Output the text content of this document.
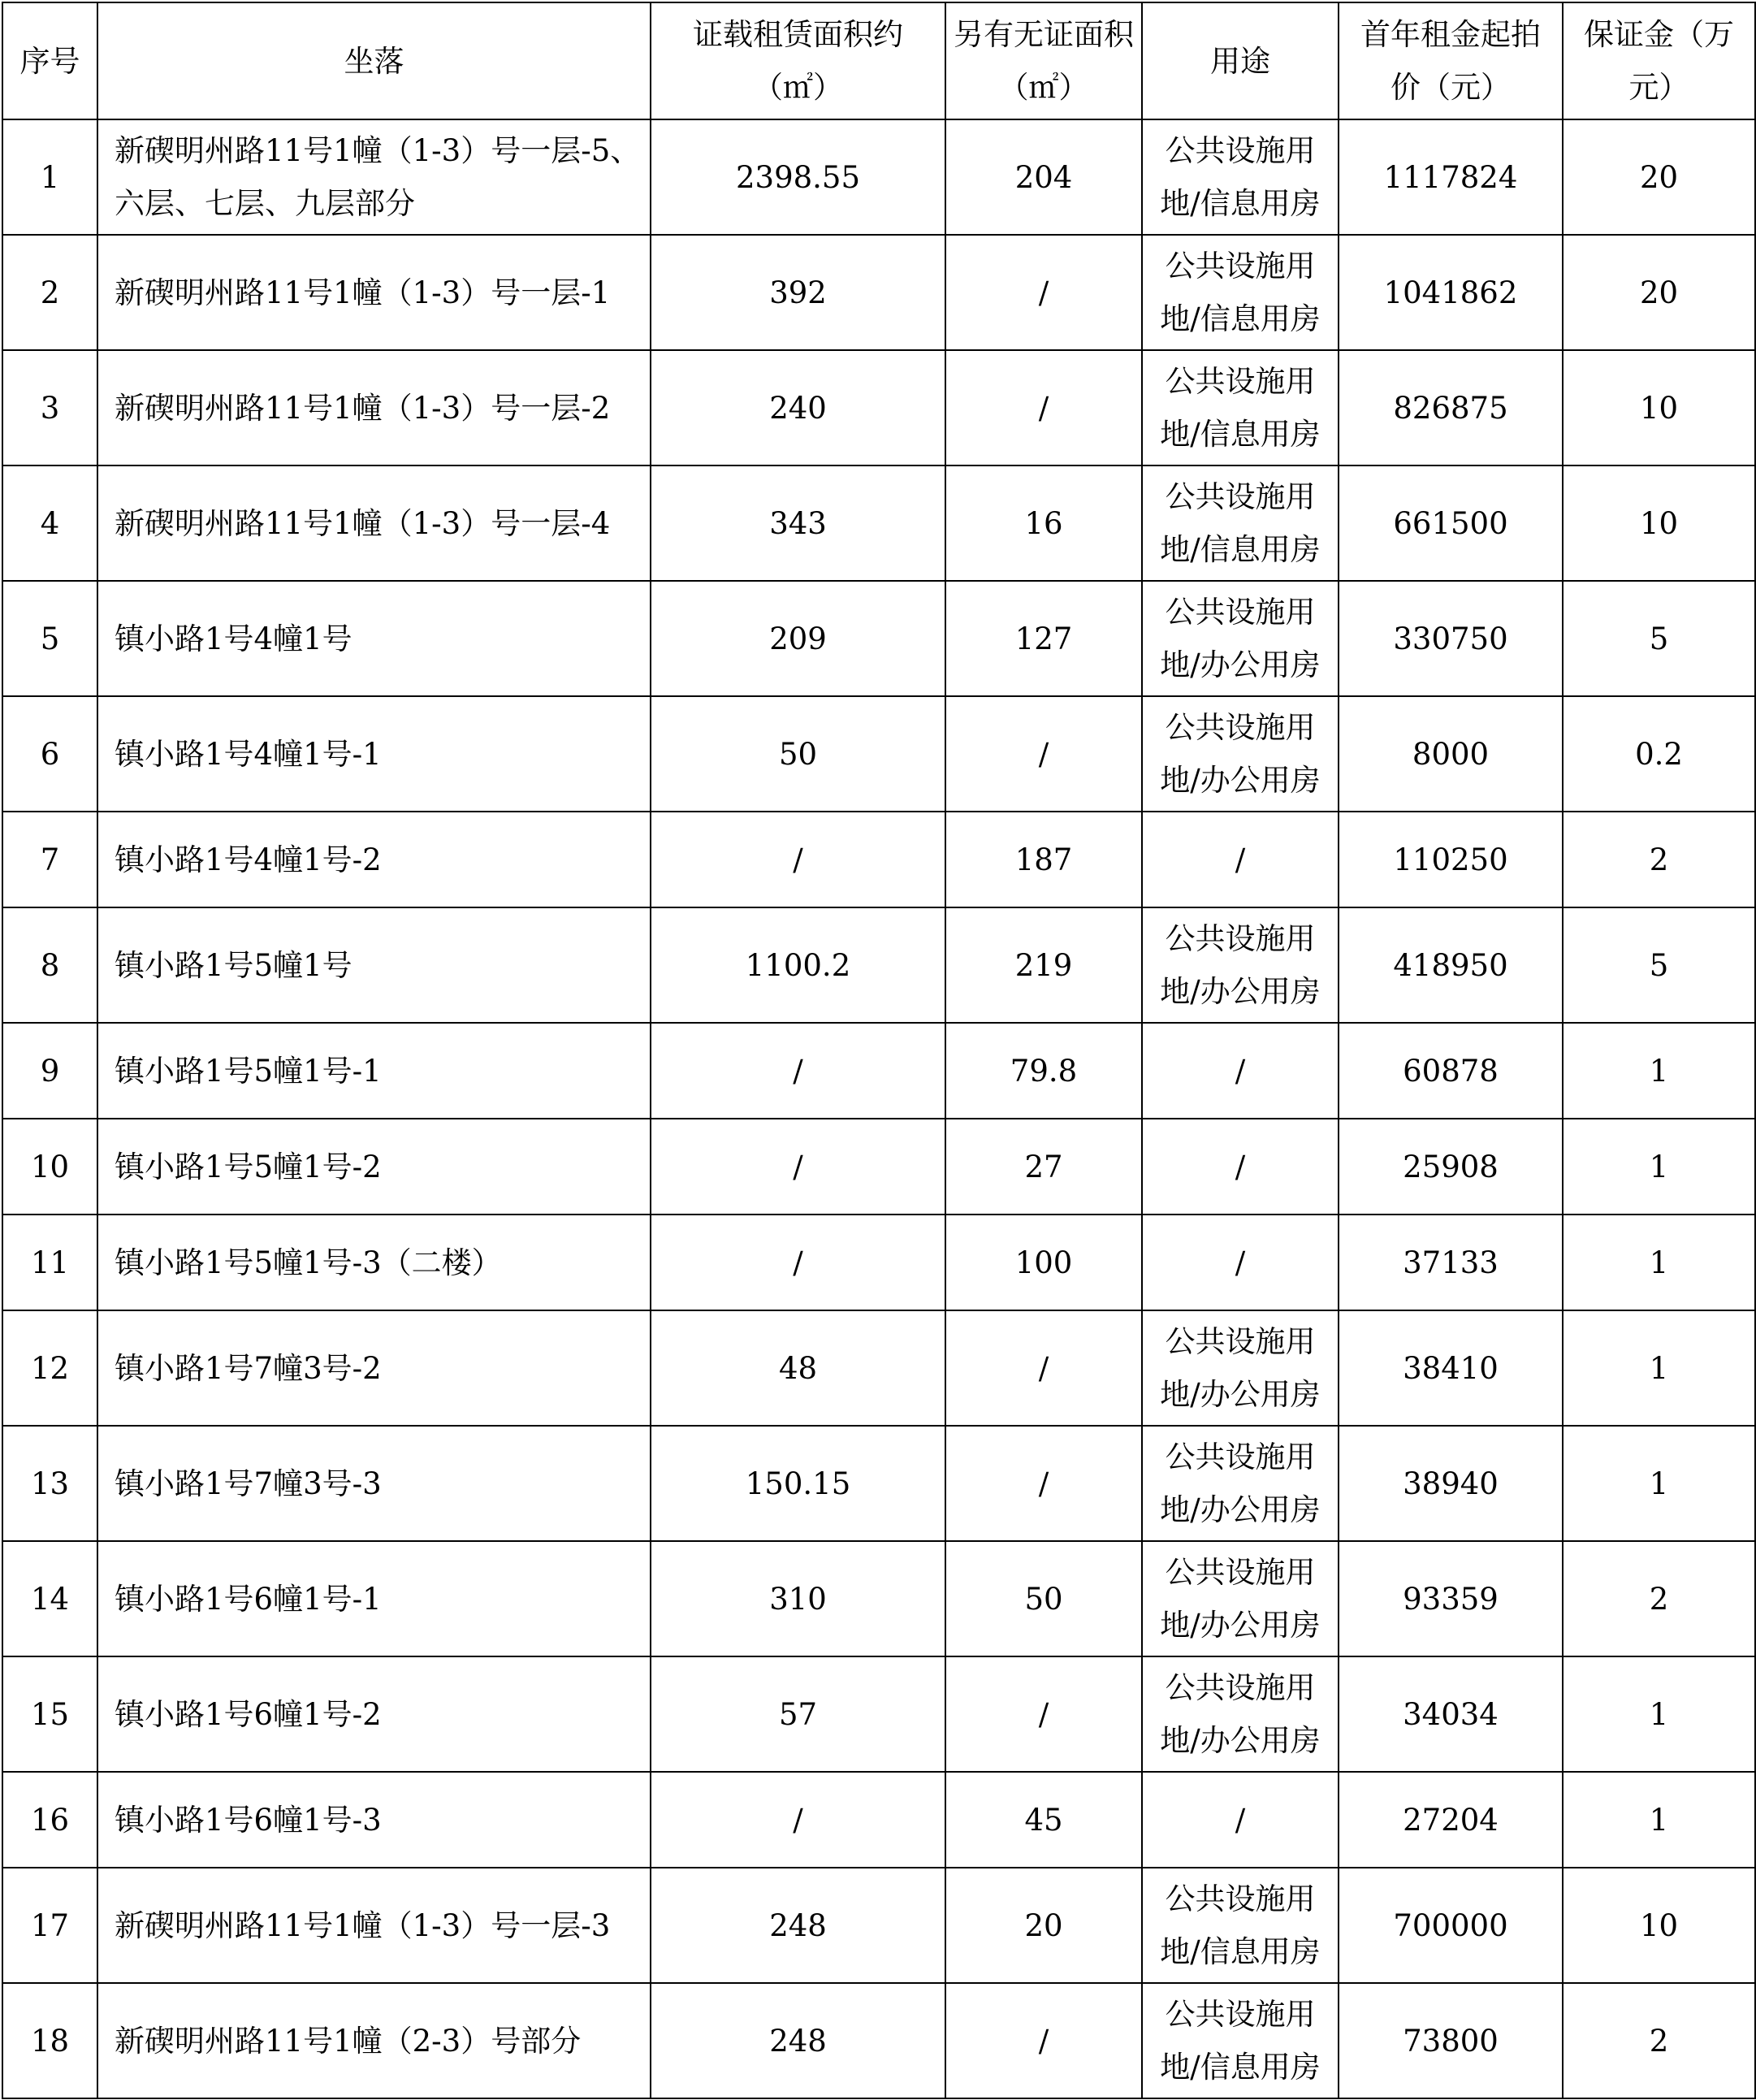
序号	坐落	证载租赁面积约（㎡）	另有无证面积（㎡）	用途	首年租金起拍价（元）	保证金（万元）
1	新碶明州路11号1幢（1-3）号一层-5、六层、七层、九层部分	2398.55	204	公共设施用地/信息用房	1117824	20
2	新碶明州路11号1幢（1-3）号一层-1	392	/	公共设施用地/信息用房	1041862	20
3	新碶明州路11号1幢（1-3）号一层-2	240	/	公共设施用地/信息用房	826875	10
4	新碶明州路11号1幢（1-3）号一层-4	343	16	公共设施用地/信息用房	661500	10
5	镇小路1号4幢1号	209	127	公共设施用地/办公用房	330750	5
6	镇小路1号4幢1号-1	50	/	公共设施用地/办公用房	8000	0.2
7	镇小路1号4幢1号-2	/	187	/	110250	2
8	镇小路1号5幢1号	1100.2	219	公共设施用地/办公用房	418950	5
9	镇小路1号5幢1号-1	/	79.8	/	60878	1
10	镇小路1号5幢1号-2	/	27	/	25908	1
11	镇小路1号5幢1号-3（二楼）	/	100	/	37133	1
12	镇小路1号7幢3号-2	48	/	公共设施用地/办公用房	38410	1
13	镇小路1号7幢3号-3	150.15	/	公共设施用地/办公用房	38940	1
14	镇小路1号6幢1号-1	310	50	公共设施用地/办公用房	93359	2
15	镇小路1号6幢1号-2	57	/	公共设施用地/办公用房	34034	1
16	镇小路1号6幢1号-3	/	45	/	27204	1
17	新碶明州路11号1幢（1-3）号一层-3	248	20	公共设施用地/信息用房	700000	10
18	新碶明州路11号1幢（2-3）号部分	248	/	公共设施用地/信息用房	73800	2
